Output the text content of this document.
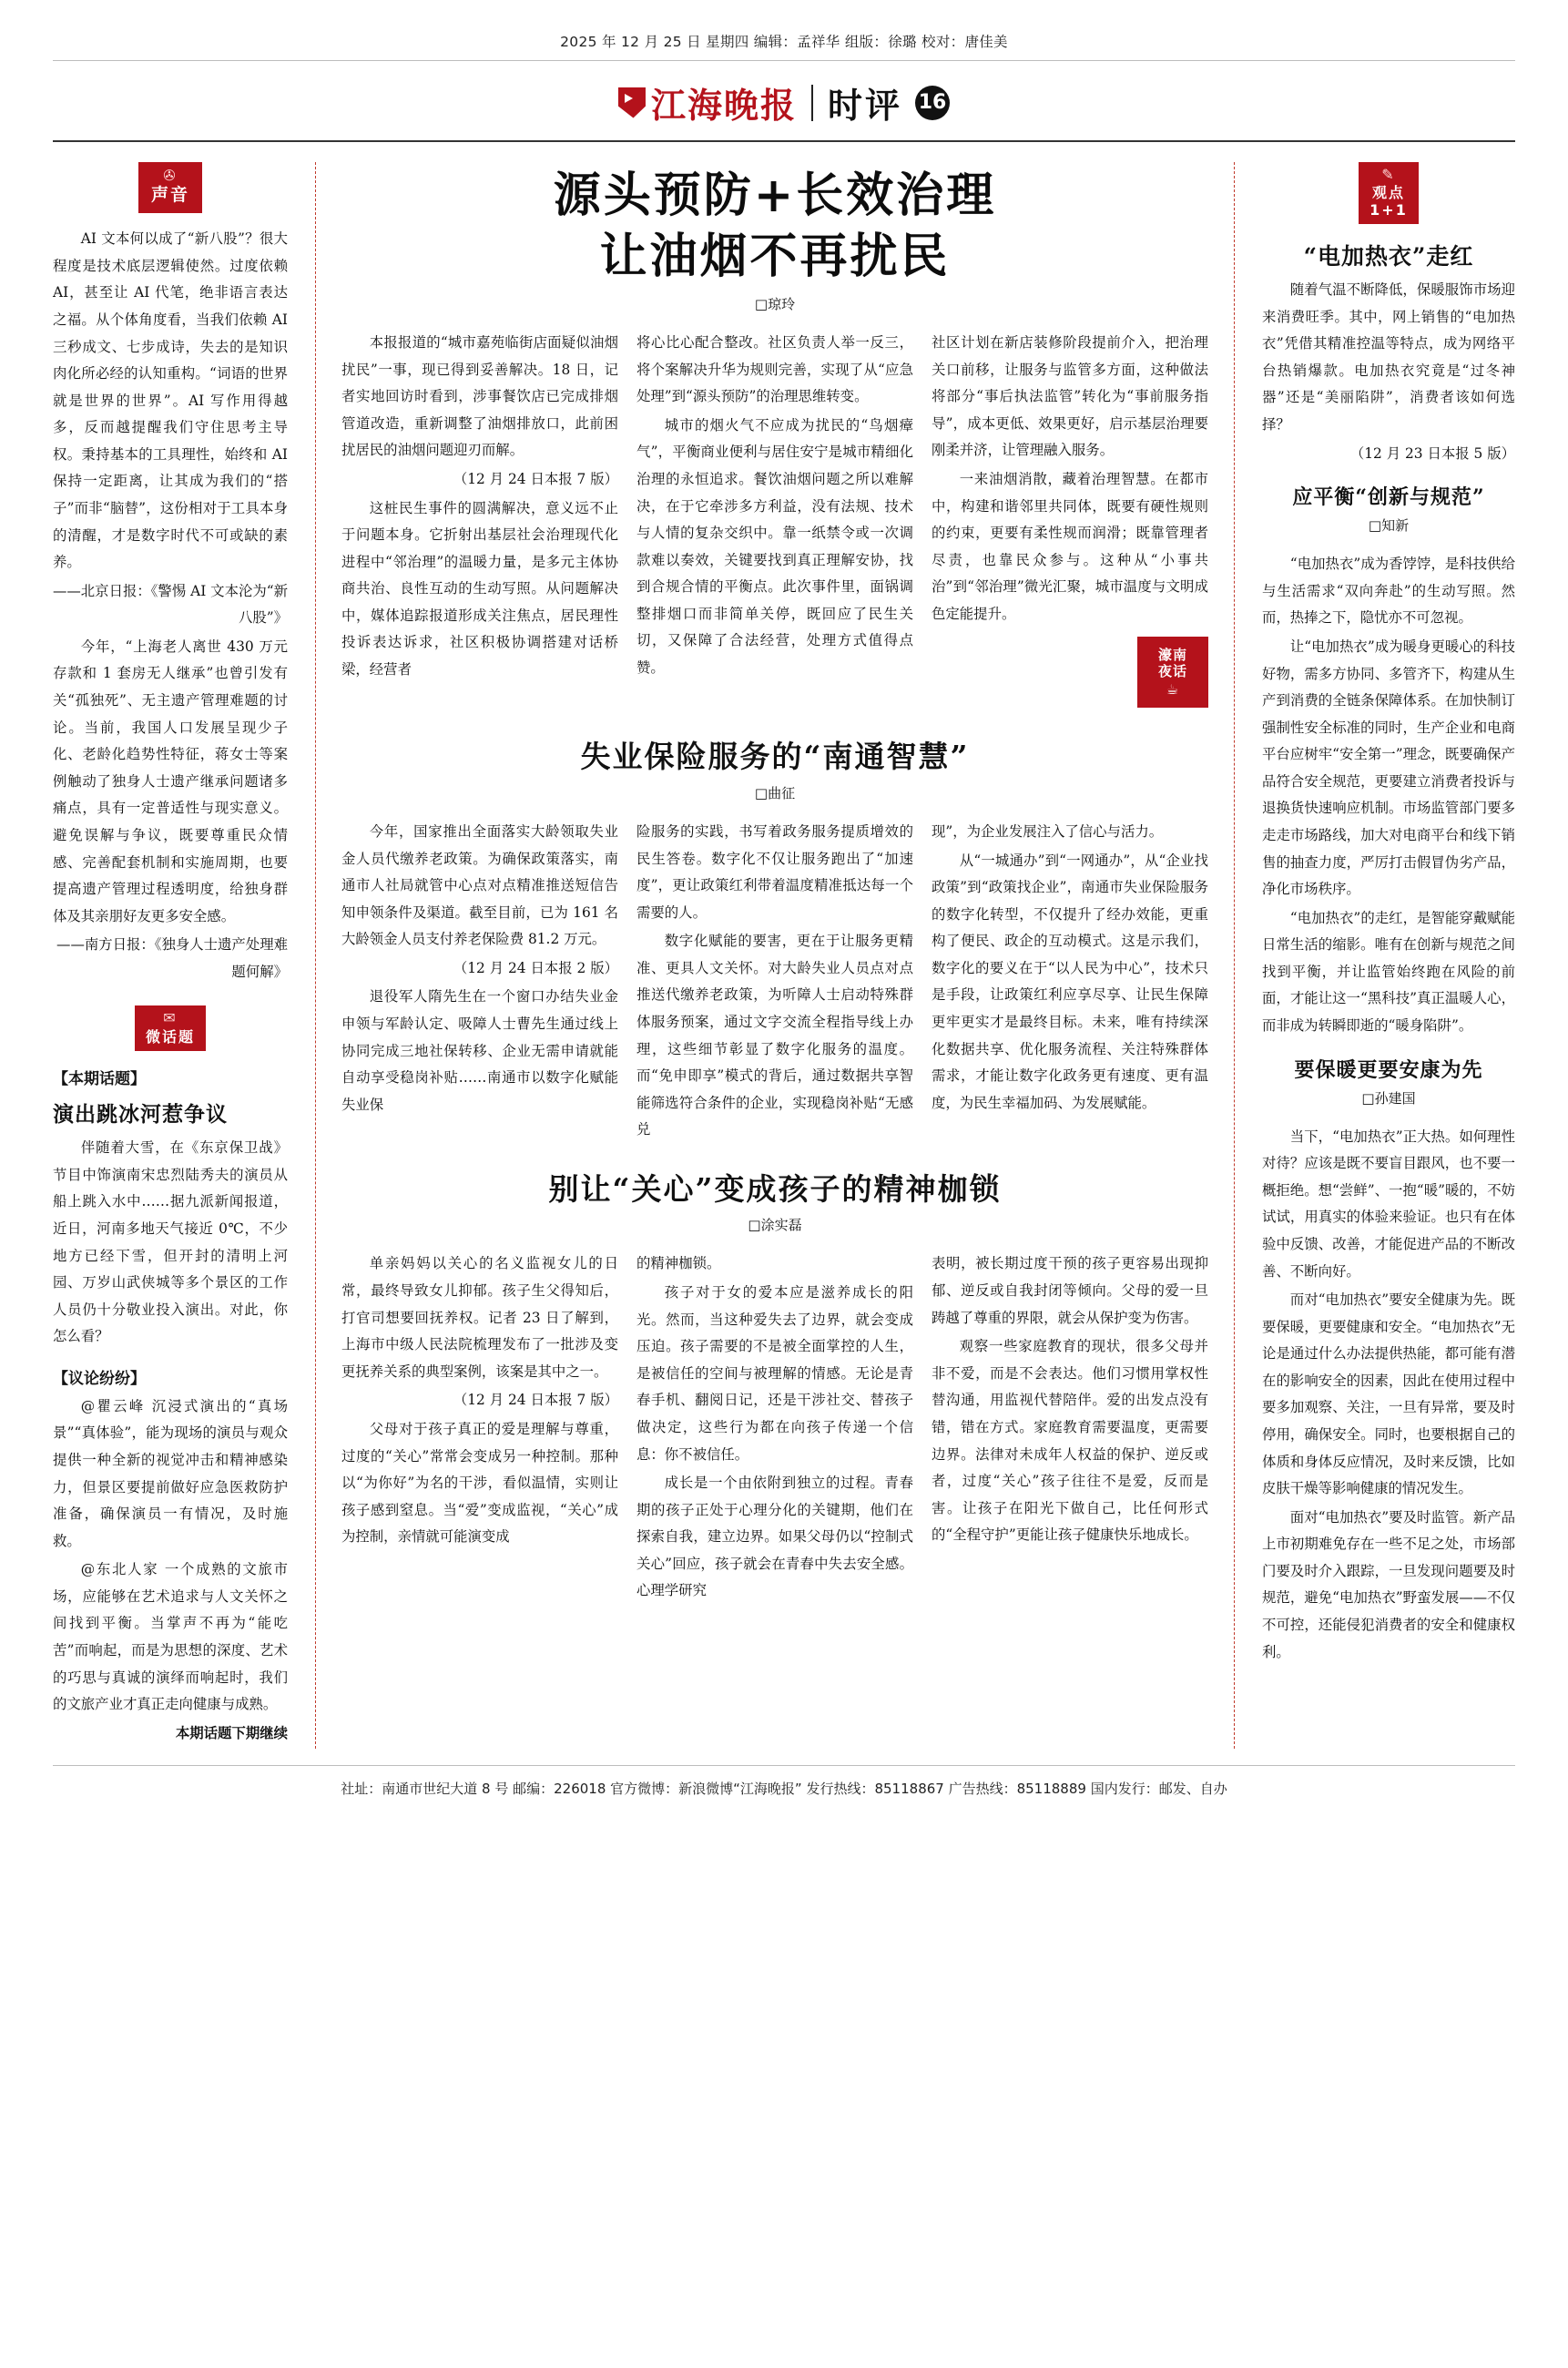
2025 年 12 月 25 日 星期四 编辑：孟祥华 组版：徐璐 校对：唐佳美
江海晚报 时评 16
✇
声音

AI 文本何以成了“新八股”？很大程度是技术底层逻辑使然。过度依赖 AI，甚至让 AI 代笔，绝非语言表达之福。从个体角度看，当我们依赖 AI 三秒成文、七步成诗，失去的是知识肉化所必经的认知重构。“词语的世界就是世界的世界”。AI 写作用得越多，反而越提醒我们守住思考主导权。秉持基本的工具理性，始终和 AI 保持一定距离，让其成为我们的“搭子”而非“脑替”，这份相对于工具本身的清醒，才是数字时代不可或缺的素养。

——北京日报：《警惕 AI 文本沦为“新八股”》

今年，“上海老人离世 430 万元存款和 1 套房无人继承”也曾引发有关“孤独死”、无主遗产管理难题的讨论。当前，我国人口发展呈现少子化、老龄化趋势性特征，蒋女士等案例触动了独身人士遗产继承问题诸多痛点，具有一定普适性与现实意义。避免误解与争议，既要尊重民众情感、完善配套机制和实施周期，也要提高遗产管理过程透明度，给独身群体及其亲朋好友更多安全感。

——南方日报：《独身人士遗产处理难题何解》

✉
微话题
【本期话题】
演出跳冰河惹争议

伴随着大雪，在《东京保卫战》节目中饰演南宋忠烈陆秀夫的演员从船上跳入水中……据九派新闻报道，近日，河南多地天气接近 0℃，不少地方已经下雪，但开封的清明上河园、万岁山武侠城等多个景区的工作人员仍十分敬业投入演出。对此，你怎么看？

【议论纷纷】

@瞿云峰 沉浸式演出的“真场景”“真体验”，能为现场的演员与观众提供一种全新的视觉冲击和精神感染力，但景区要提前做好应急医救防护准备，确保演员一有情况，及时施救。

@东北人家 一个成熟的文旅市场，应能够在艺术追求与人文关怀之间找到平衡。当掌声不再为“能吃苦”而响起，而是为思想的深度、艺术的巧思与真诚的演绎而响起时，我们的文旅产业才真正走向健康与成熟。

本期话题下期继续

源头预防+长效治理
让油烟不再扰民
□琼玲

本报报道的“城市嘉苑临街店面疑似油烟扰民”一事，现已得到妥善解决。18 日，记者实地回访时看到，涉事餐饮店已完成排烟管道改造，重新调整了油烟排放口，此前困扰居民的油烟问题迎刃而解。

（12 月 24 日本报 7 版）

这桩民生事件的圆满解决，意义远不止于问题本身。它折射出基层社会治理现代化进程中“邻治理”的温暖力量，是多元主体协商共治、良性互动的生动写照。从问题解决中，媒体追踪报道形成关注焦点，居民理性投诉表达诉求，社区积极协调搭建对话桥梁，经营者

将心比心配合整改。社区负责人举一反三，将个案解决升华为规则完善，实现了从“应急处理”到“源头预防”的治理思维转变。

城市的烟火气不应成为扰民的“鸟烟瘴气”，平衡商业便利与居住安宁是城市精细化治理的永恒追求。餐饮油烟问题之所以难解决，在于它牵涉多方利益，没有法规、技术与人情的复杂交织中。靠一纸禁令或一次调款难以奏效，关键要找到真正理解安协，找到合规合情的平衡点。此次事件里，面锅调整排烟口而非简单关停，既回应了民生关切，又保障了合法经营，处理方式值得点赞。

社区计划在新店装修阶段提前介入，把治理关口前移，让服务与监管多方面，这种做法将部分“事后执法监管”转化为“事前服务指导”，成本更低、效果更好，启示基层治理要刚柔并济，让管理融入服务。

一来油烟消散，藏着治理智慧。在都市中，构建和谐邻里共同体，既要有硬性规则的约束，更要有柔性规而润滑；既靠管理者尽责，也靠民众参与。这种从“小事共治”到“邻治理”微光汇聚，城市温度与文明成色定能提升。

濠南
夜话
☕
失业保险服务的“南通智慧”
□曲征

今年，国家推出全面落实大龄领取失业金人员代缴养老政策。为确保政策落实，南通市人社局就管中心点对点精准推送短信告知申领条件及渠道。截至目前，已为 161 名大龄领金人员支付养老保险费 81.2 万元。

（12 月 24 日本报 2 版）

退役军人隋先生在一个窗口办结失业金申领与军龄认定、吸障人士曹先生通过线上协同完成三地社保转移、企业无需申请就能自动享受稳岗补贴……南通市以数字化赋能失业保

险服务的实践，书写着政务服务提质增效的民生答卷。数字化不仅让服务跑出了“加速度”，更让政策红利带着温度精准抵达每一个需要的人。

数字化赋能的要害，更在于让服务更精准、更具人文关怀。对大龄失业人员点对点推送代缴养老政策，为听障人士启动特殊群体服务预案，通过文字交流全程指导线上办理，这些细节彰显了数字化服务的温度。而“免申即享”模式的背后，通过数据共享智能筛选符合条件的企业，实现稳岗补贴“无感兑

现”，为企业发展注入了信心与活力。

从“一城通办”到“一网通办”，从“企业找政策”到“政策找企业”，南通市失业保险服务的数字化转型，不仅提升了经办效能，更重构了便民、政企的互动模式。这是示我们，数字化的要义在于“以人民为中心”，技术只是手段，让政策红利应享尽享、让民生保障更牢更实才是最终目标。未来，唯有持续深化数据共享、优化服务流程、关注特殊群体需求，才能让数字化政务更有速度、更有温度，为民生幸福加码、为发展赋能。

别让“关心”变成孩子的精神枷锁
□涂实磊

单亲妈妈以关心的名义监视女儿的日常，最终导致女儿抑郁。孩子生父得知后，打官司想要回抚养权。记者 23 日了解到，上海市中级人民法院梳理发布了一批涉及变更抚养关系的典型案例，该案是其中之一。

（12 月 24 日本报 7 版）

父母对于孩子真正的爱是理解与尊重，过度的“关心”常常会变成另一种控制。那种以“为你好”为名的干涉，看似温情，实则让孩子感到窒息。当“爱”变成监视，“关心”成为控制，亲情就可能演变成

的精神枷锁。

孩子对于女的爱本应是滋养成长的阳光。然而，当这种爱失去了边界，就会变成压迫。孩子需要的不是被全面掌控的人生，是被信任的空间与被理解的情感。无论是青春手机、翻阅日记，还是干涉社交、替孩子做决定，这些行为都在向孩子传递一个信息：你不被信任。

成长是一个由依附到独立的过程。青春期的孩子正处于心理分化的关键期，他们在探索自我，建立边界。如果父母仍以“控制式关心”回应，孩子就会在青春中失去安全感。心理学研究

表明，被长期过度干预的孩子更容易出现抑郁、逆反或自我封闭等倾向。父母的爱一旦踌越了尊重的界限，就会从保护变为伤害。

观察一些家庭教育的现状，很多父母并非不爱，而是不会表达。他们习惯用掌权性替沟通，用监视代替陪伴。爱的出发点没有错，错在方式。家庭教育需要温度，更需要边界。法律对未成年人权益的保护、逆反或者，过度“关心”孩子往往不是爱，反而是害。让孩子在阳光下做自己，比任何形式的“全程守护”更能让孩子健康快乐地成长。

✎
观点
1+1
“电加热衣”走红

随着气温不断降低，保暖服饰市场迎来消费旺季。其中，网上销售的“电加热衣”凭借其精准控温等特点，成为网络平台热销爆款。电加热衣究竟是“过冬神器”还是“美丽陷阱”，消费者该如何选择？

（12 月 23 日本报 5 版）

应平衡“创新与规范”
□知新

“电加热衣”成为香饽饽，是科技供给与生活需求“双向奔赴”的生动写照。然而，热捧之下，隐忧亦不可忽视。

让“电加热衣”成为暖身更暖心的科技好物，需多方协同、多管齐下，构建从生产到消费的全链条保障体系。在加快制订强制性安全标准的同时，生产企业和电商平台应树牢“安全第一”理念，既要确保产品符合安全规范，更要建立消费者投诉与退换货快速响应机制。市场监管部门要多走走市场路线，加大对电商平台和线下销售的抽查力度，严厉打击假冒伪劣产品，净化市场秩序。

“电加热衣”的走红，是智能穿戴赋能日常生活的缩影。唯有在创新与规范之间找到平衡，并让监管始终跑在风险的前面，才能让这一“黑科技”真正温暖人心，而非成为转瞬即逝的“暖身陷阱”。

要保暖更要安康为先
□孙建国

当下，“电加热衣”正大热。如何理性对待？应该是既不要盲目跟风，也不要一概拒绝。想“尝鲜”、一抱“暖”暖的，不妨试试，用真实的体验来验证。也只有在体验中反馈、改善，才能促进产品的不断改善、不断向好。

而对“电加热衣”要安全健康为先。既要保暖，更要健康和安全。“电加热衣”无论是通过什么办法提供热能，都可能有潜在的影响安全的因素，因此在使用过程中要多加观察、关注，一旦有异常，要及时停用，确保安全。同时，也要根据自己的体质和身体反应情况，及时来反馈，比如皮肤干燥等影响健康的情况发生。

面对“电加热衣”要及时监管。新产品上市初期难免存在一些不足之处，市场部门要及时介入跟踪，一旦发现问题要及时规范，避免“电加热衣”野蛮发展——不仅不可控，还能侵犯消费者的安全和健康权利。

社址：南通市世纪大道 8 号 邮编：226018 官方微博：新浪微博“江海晚报” 发行热线：85118867 广告热线：85118889 国内发行：邮发、自办
